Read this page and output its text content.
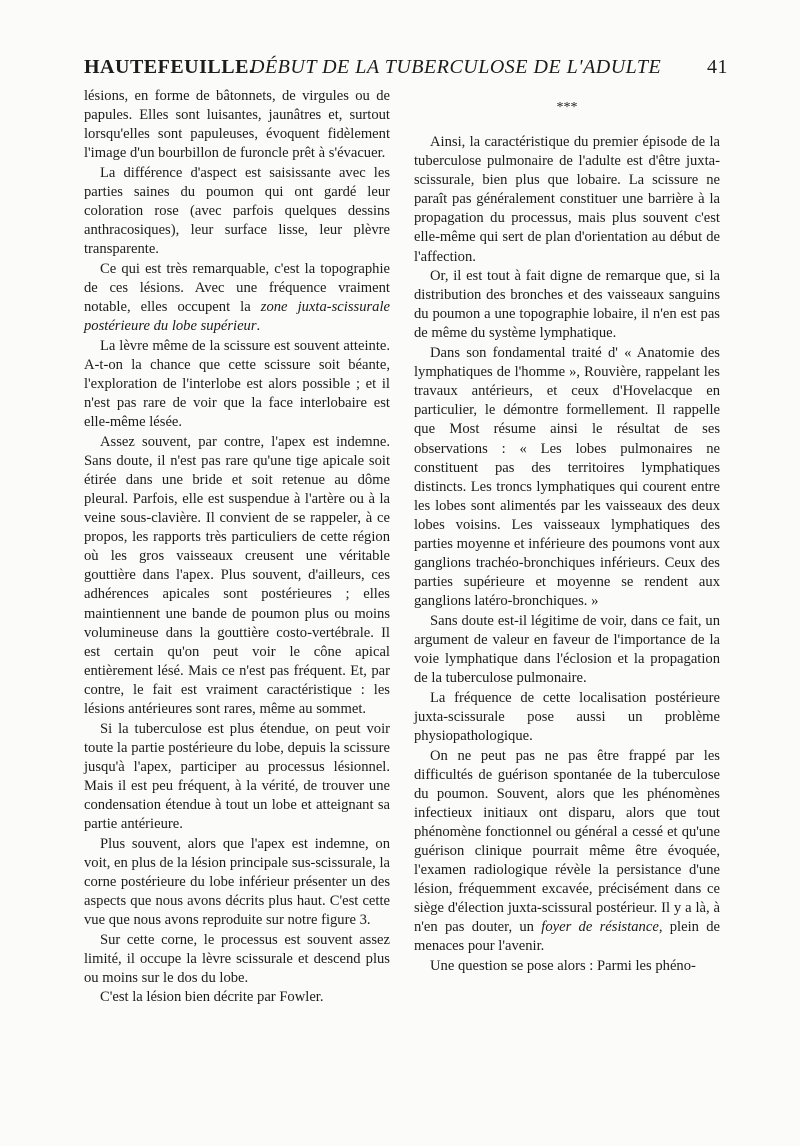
HAUTEFEUILLE.
DÉBUT DE LA TUBERCULOSE DE L'ADULTE 41

lésions, en forme de bâtonnets, de virgules ou de papules. Elles sont luisantes, jaunâtres et, surtout lorsqu'elles sont papuleuses, évoquent fidèlement l'image d'un bourbillon de furoncle prêt à s'évacuer.

La différence d'aspect est saisissante avec les parties saines du poumon qui ont gardé leur coloration rose (avec parfois quelques dessins anthracosiques), leur surface lisse, leur plèvre transparente.

Ce qui est très remarquable, c'est la topographie de ces lésions. Avec une fréquence vraiment notable, elles occupent la zone juxta-scissurale postérieure du lobe supérieur.

La lèvre même de la scissure est souvent atteinte. A-t-on la chance que cette scissure soit béante, l'exploration de l'interlobe est alors possible ; et il n'est pas rare de voir que la face interlobaire est elle-même lésée.

Assez souvent, par contre, l'apex est indemne. Sans doute, il n'est pas rare qu'une tige apicale soit étirée dans une bride et soit retenue au dôme pleural. Parfois, elle est suspendue à l'artère ou à la veine sous-clavière. Il convient de se rappeler, à ce propos, les rapports très particuliers de cette région où les gros vaisseaux creusent une véritable gouttière dans l'apex. Plus souvent, d'ailleurs, ces adhérences apicales sont postérieures ; elles maintiennent une bande de poumon plus ou moins volumineuse dans la gouttière costo-vertébrale. Il est certain qu'on peut voir le cône apical entièrement lésé. Mais ce n'est pas fréquent. Et, par contre, le fait est vraiment caractéristique : les lésions antérieures sont rares, même au sommet.

Si la tuberculose est plus étendue, on peut voir toute la partie postérieure du lobe, depuis la scissure jusqu'à l'apex, participer au processus lésionnel. Mais il est peu fréquent, à la vérité, de trouver une condensation étendue à tout un lobe et atteignant sa partie antérieure.

Plus souvent, alors que l'apex est indemne, on voit, en plus de la lésion principale sus-scissurale, la corne postérieure du lobe inférieur présenter un des aspects que nous avons décrits plus haut. C'est cette vue que nous avons reproduite sur notre figure 3.

Sur cette corne, le processus est souvent assez limité, il occupe la lèvre scissurale et descend plus ou moins sur le dos du lobe.

C'est la lésion bien décrite par Fowler.

***

Ainsi, la caractéristique du premier épisode de la tuberculose pulmonaire de l'adulte est d'être juxta-scissurale, bien plus que lobaire. La scissure ne paraît pas généralement constituer une barrière à la propagation du processus, mais plus souvent c'est elle-même qui sert de plan d'orientation au début de l'affection.

Or, il est tout à fait digne de remarque que, si la distribution des bronches et des vaisseaux sanguins du poumon a une topographie lobaire, il n'en est pas de même du système lymphatique.

Dans son fondamental traité d' « Anatomie des lymphatiques de l'homme », Rouvière, rappelant les travaux antérieurs, et ceux d'Hovelacque en particulier, le démontre formellement. Il rappelle que Most résume ainsi le résultat de ses observations : « Les lobes pulmonaires ne constituent pas des territoires lymphatiques distincts. Les troncs lymphatiques qui courent entre les lobes sont alimentés par les vaisseaux des deux lobes voisins. Les vaisseaux lymphatiques des parties moyenne et inférieure des poumons vont aux ganglions trachéo-bronchiques inférieurs. Ceux des parties supérieure et moyenne se rendent aux ganglions latéro-bronchiques. »

Sans doute est-il légitime de voir, dans ce fait, un argument de valeur en faveur de l'importance de la voie lymphatique dans l'éclosion et la propagation de la tuberculose pulmonaire.

La fréquence de cette localisation postérieure juxta-scissurale pose aussi un problème physiopathologique.

On ne peut pas ne pas être frappé par les difficultés de guérison spontanée de la tuberculose du poumon. Souvent, alors que les phénomènes infectieux initiaux ont disparu, alors que tout phénomène fonctionnel ou général a cessé et qu'une guérison clinique pourrait même être évoquée, l'examen radiologique révèle la persistance d'une lésion, fréquemment excavée, précisément dans ce siège d'élection juxta-scissural postérieur. Il y a là, à n'en pas douter, un foyer de résistance, plein de menaces pour l'avenir.

Une question se pose alors : Parmi les phéno-
